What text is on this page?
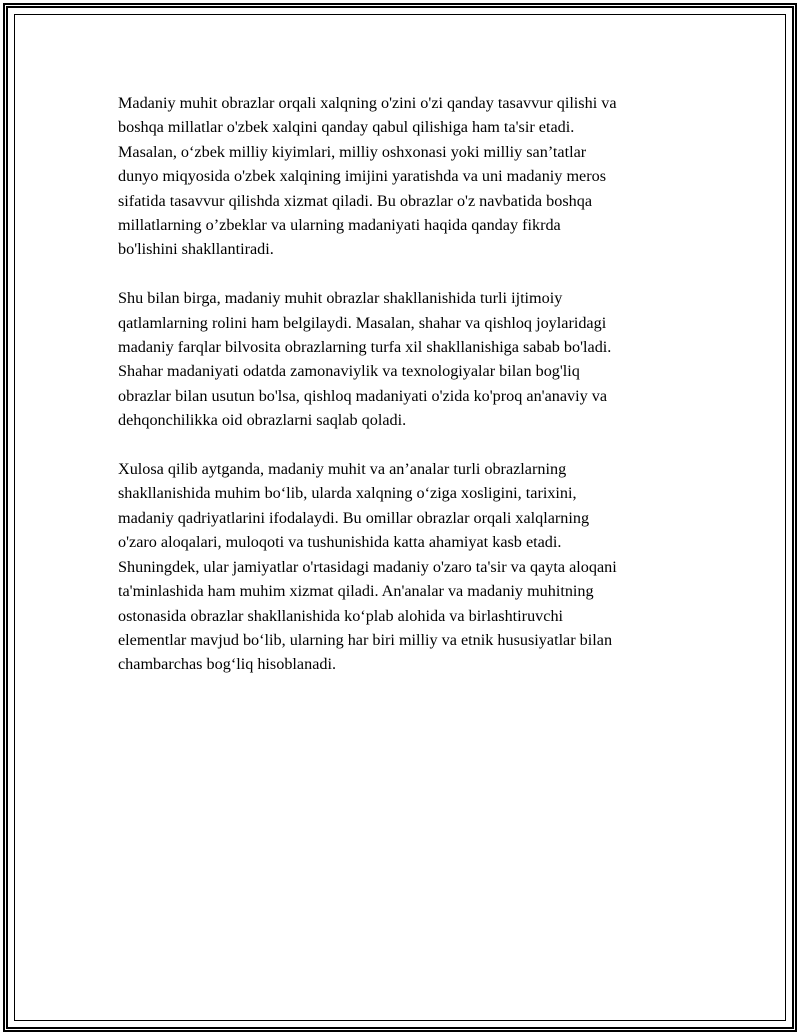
Madaniy muhit obrazlar orqali xalqning o'zini o'zi qanday tasavvur qilishi va
boshqa millatlar o'zbek xalqini qanday qabul qilishiga ham ta'sir etadi.
Masalan, o‘zbek milliy kiyimlari, milliy oshxonasi yoki milliy san’tatlar
dunyo miqyosida o'zbek xalqining imijini yaratishda va uni madaniy meros
sifatida tasavvur qilishda xizmat qiladi. Bu obrazlar o'z navbatida boshqa
millatlarning o’zbeklar va ularning madaniyati haqida qanday fikrda
bo'lishini shakllantiradi.

Shu bilan birga, madaniy muhit obrazlar shakllanishida turli ijtimoiy
qatlamlarning rolini ham belgilaydi. Masalan, shahar va qishloq joylaridagi
madaniy farqlar bilvosita obrazlarning turfa xil shakllanishiga sabab bo'ladi.
Shahar madaniyati odatda zamonaviylik va texnologiyalar bilan bog'liq
obrazlar bilan usutun bo'lsa, qishloq madaniyati o'zida ko'proq an'anaviy va
dehqonchilikka oid obrazlarni saqlab qoladi.

Xulosa qilib aytganda, madaniy muhit va an’analar turli obrazlarning
shakllanishida muhim bo‘lib, ularda xalqning o‘ziga xosligini, tarixini,
madaniy qadriyatlarini ifodalaydi. Bu omillar obrazlar orqali xalqlarning
o'zaro aloqalari, muloqoti va tushunishida katta ahamiyat kasb etadi.
Shuningdek, ular jamiyatlar o'rtasidagi madaniy o'zaro ta'sir va qayta aloqani
ta'minlashida ham muhim xizmat qiladi. An'analar va madaniy muhitning
ostonasida obrazlar shakllanishida ko‘plab alohida va birlashtiruvchi
elementlar mavjud bo‘lib, ularning har biri milliy va etnik hususiyatlar bilan
chambarchas bog‘liq hisoblanadi.
